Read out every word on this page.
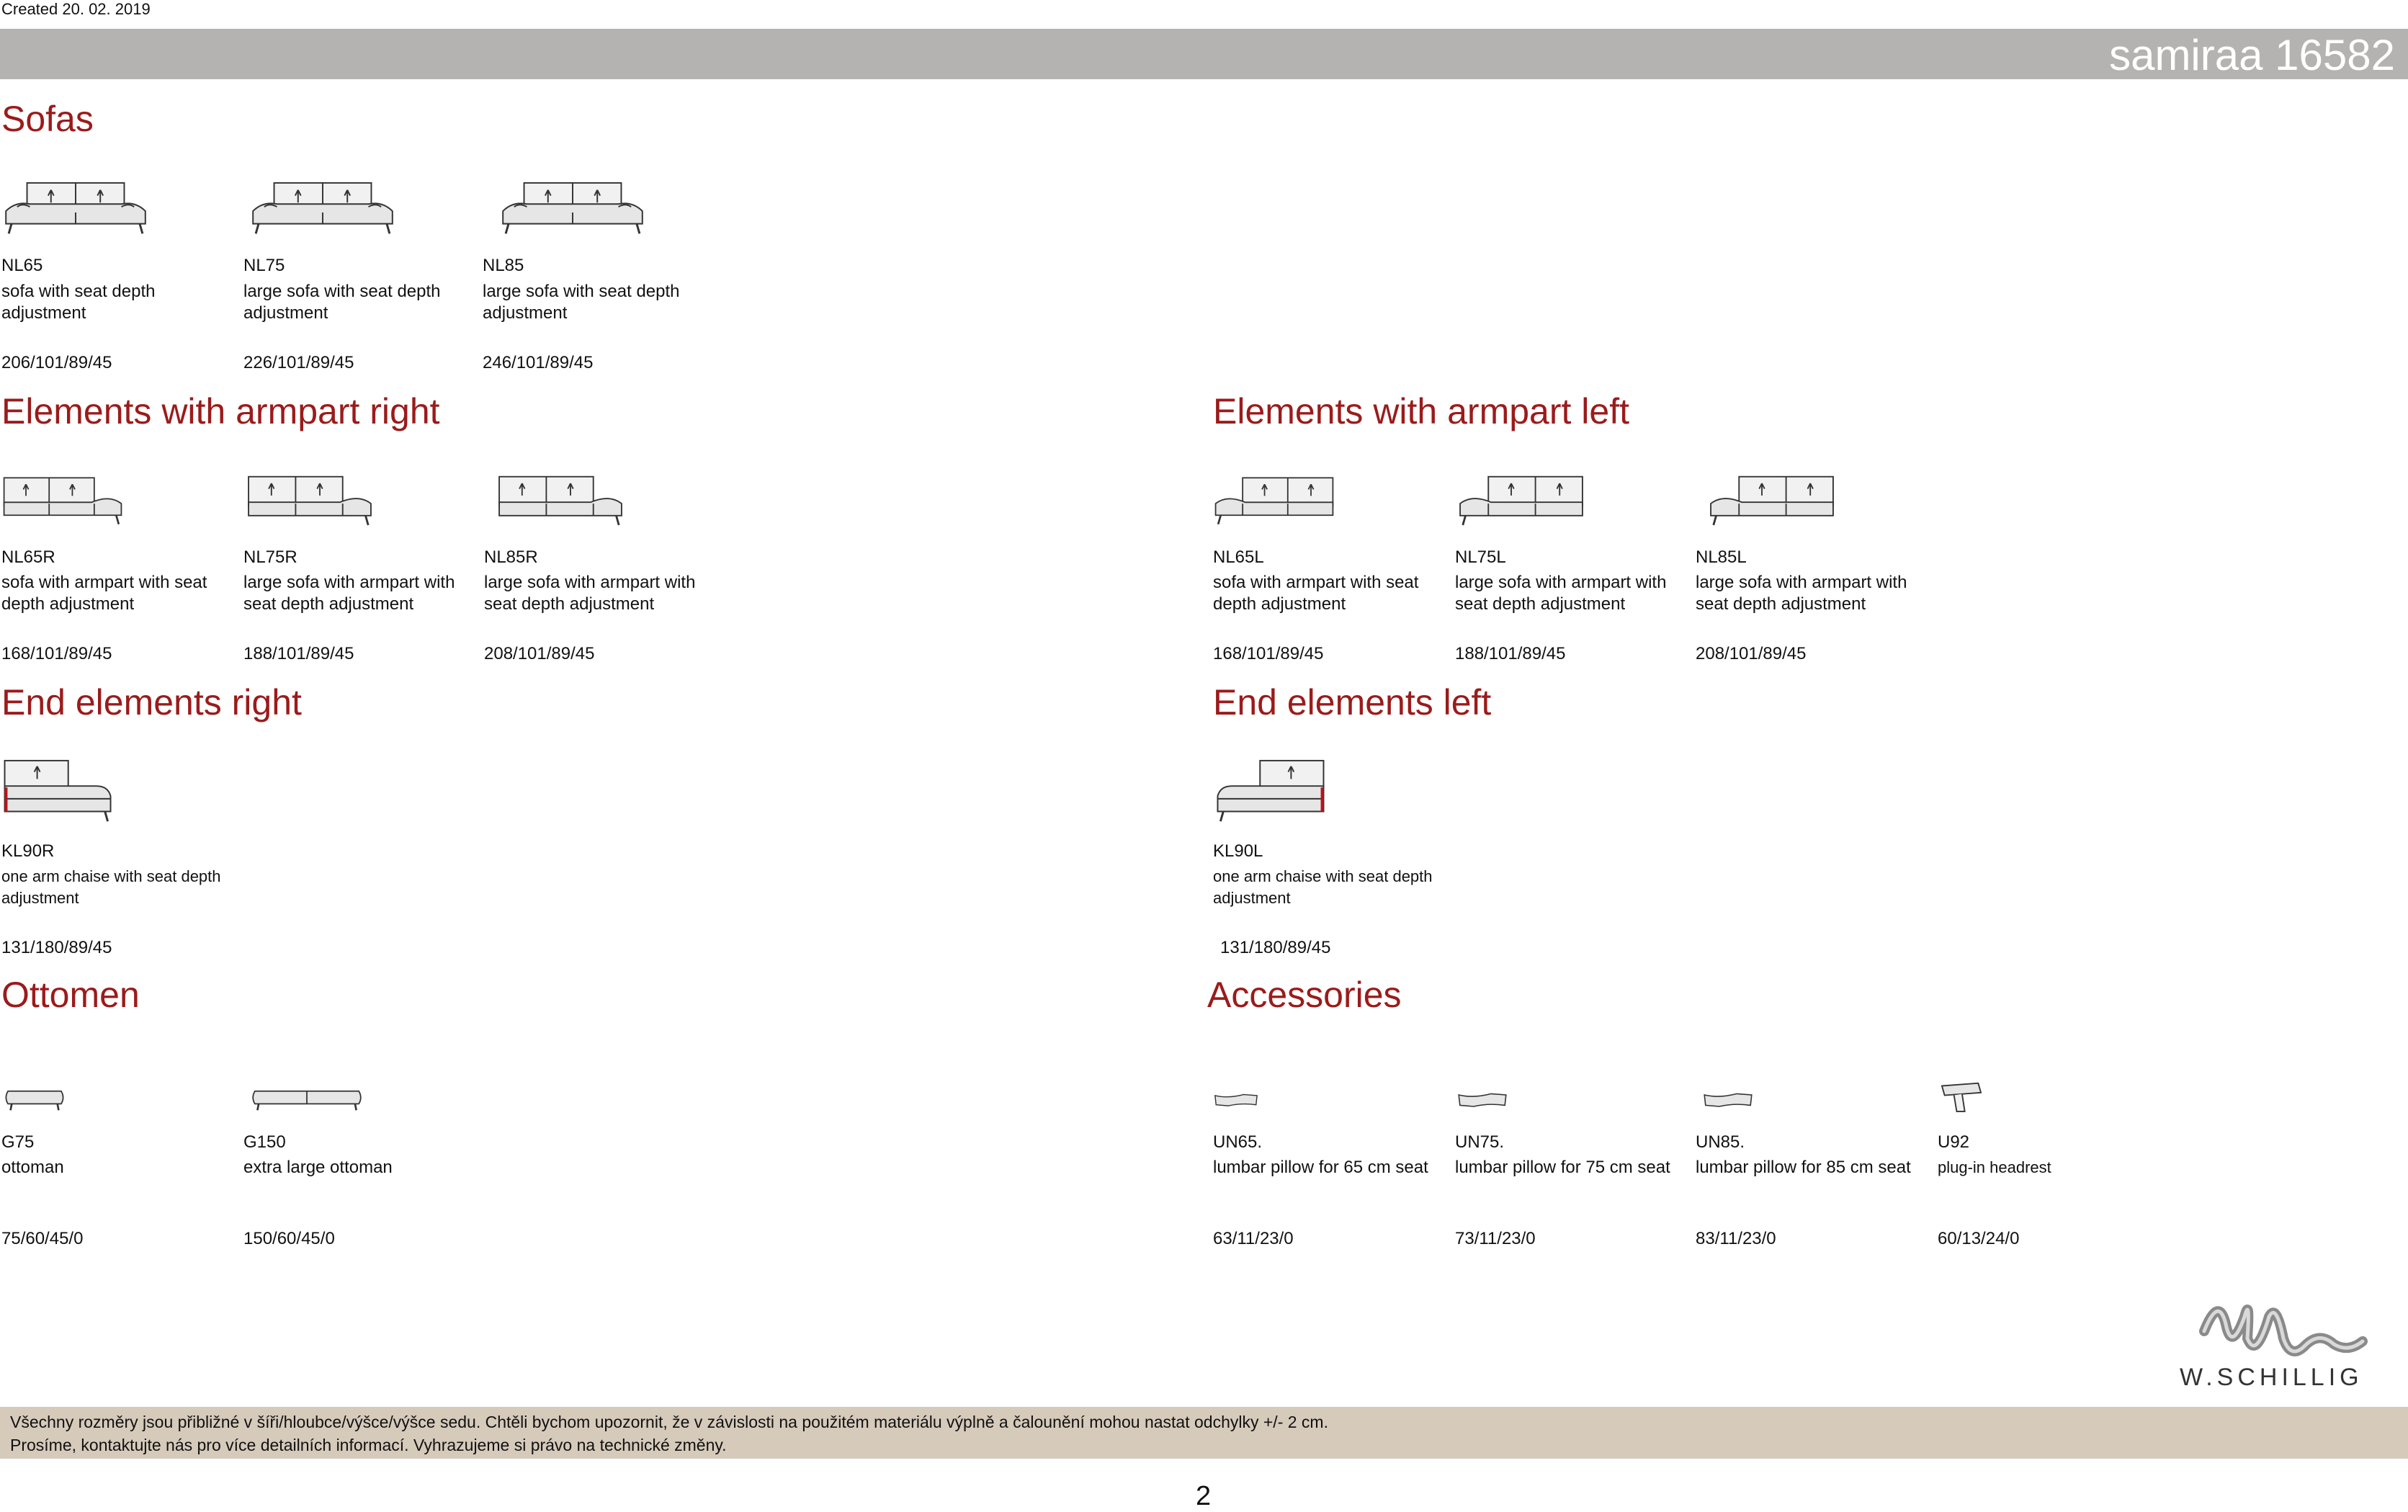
Created 20. 02. 2019
samiraa 16582
Sofas
Elements with armpart right	Elements with armpart left
End elements right	End elements left
Ottomen	Accessories
NL65
sofa with seat depth adjustment
206/101/89/45
NL75
large sofa with seat depth adjustment
226/101/89/45
NL85
large sofa with seat depth adjustment
246/101/89/45
NL65R
sofa with armpart with seat depth adjustment
168/101/89/45
NL75R
large sofa with armpart with seat depth adjustment
188/101/89/45
NL85R
large sofa with armpart with seat depth adjustment
208/101/89/45
NL65L
sofa with armpart with seat depth adjustment
168/101/89/45
NL75L
large sofa with armpart with seat depth adjustment
188/101/89/45
NL85L
large sofa with armpart with seat depth adjustment
208/101/89/45
KL90R
one arm chaise with seat depth adjustment
131/180/89/45
KL90L
one arm chaise with seat depth adjustment
131/180/89/45
G75
ottoman
75/60/45/0
G150
extra large ottoman
150/60/45/0
UN65.
lumbar pillow for 65 cm seat
63/11/23/0
UN75.
lumbar pillow for 75 cm seat
73/11/23/0
UN85.
lumbar pillow for 85 cm seat
83/11/23/0
U92
plug-in headrest
60/13/24/0
W.SCHILLIG
Všechny rozměry jsou přibližné v šíři/hloubce/výšce/výšce sedu. Chtěli bychom upozornit, že v závislosti na použitém materiálu výplně a čalounění mohou nastat odchylky +/- 2 cm.
Prosíme, kontaktujte nás pro více detailních informací. Vyhrazujeme si právo na technické změny.
2
